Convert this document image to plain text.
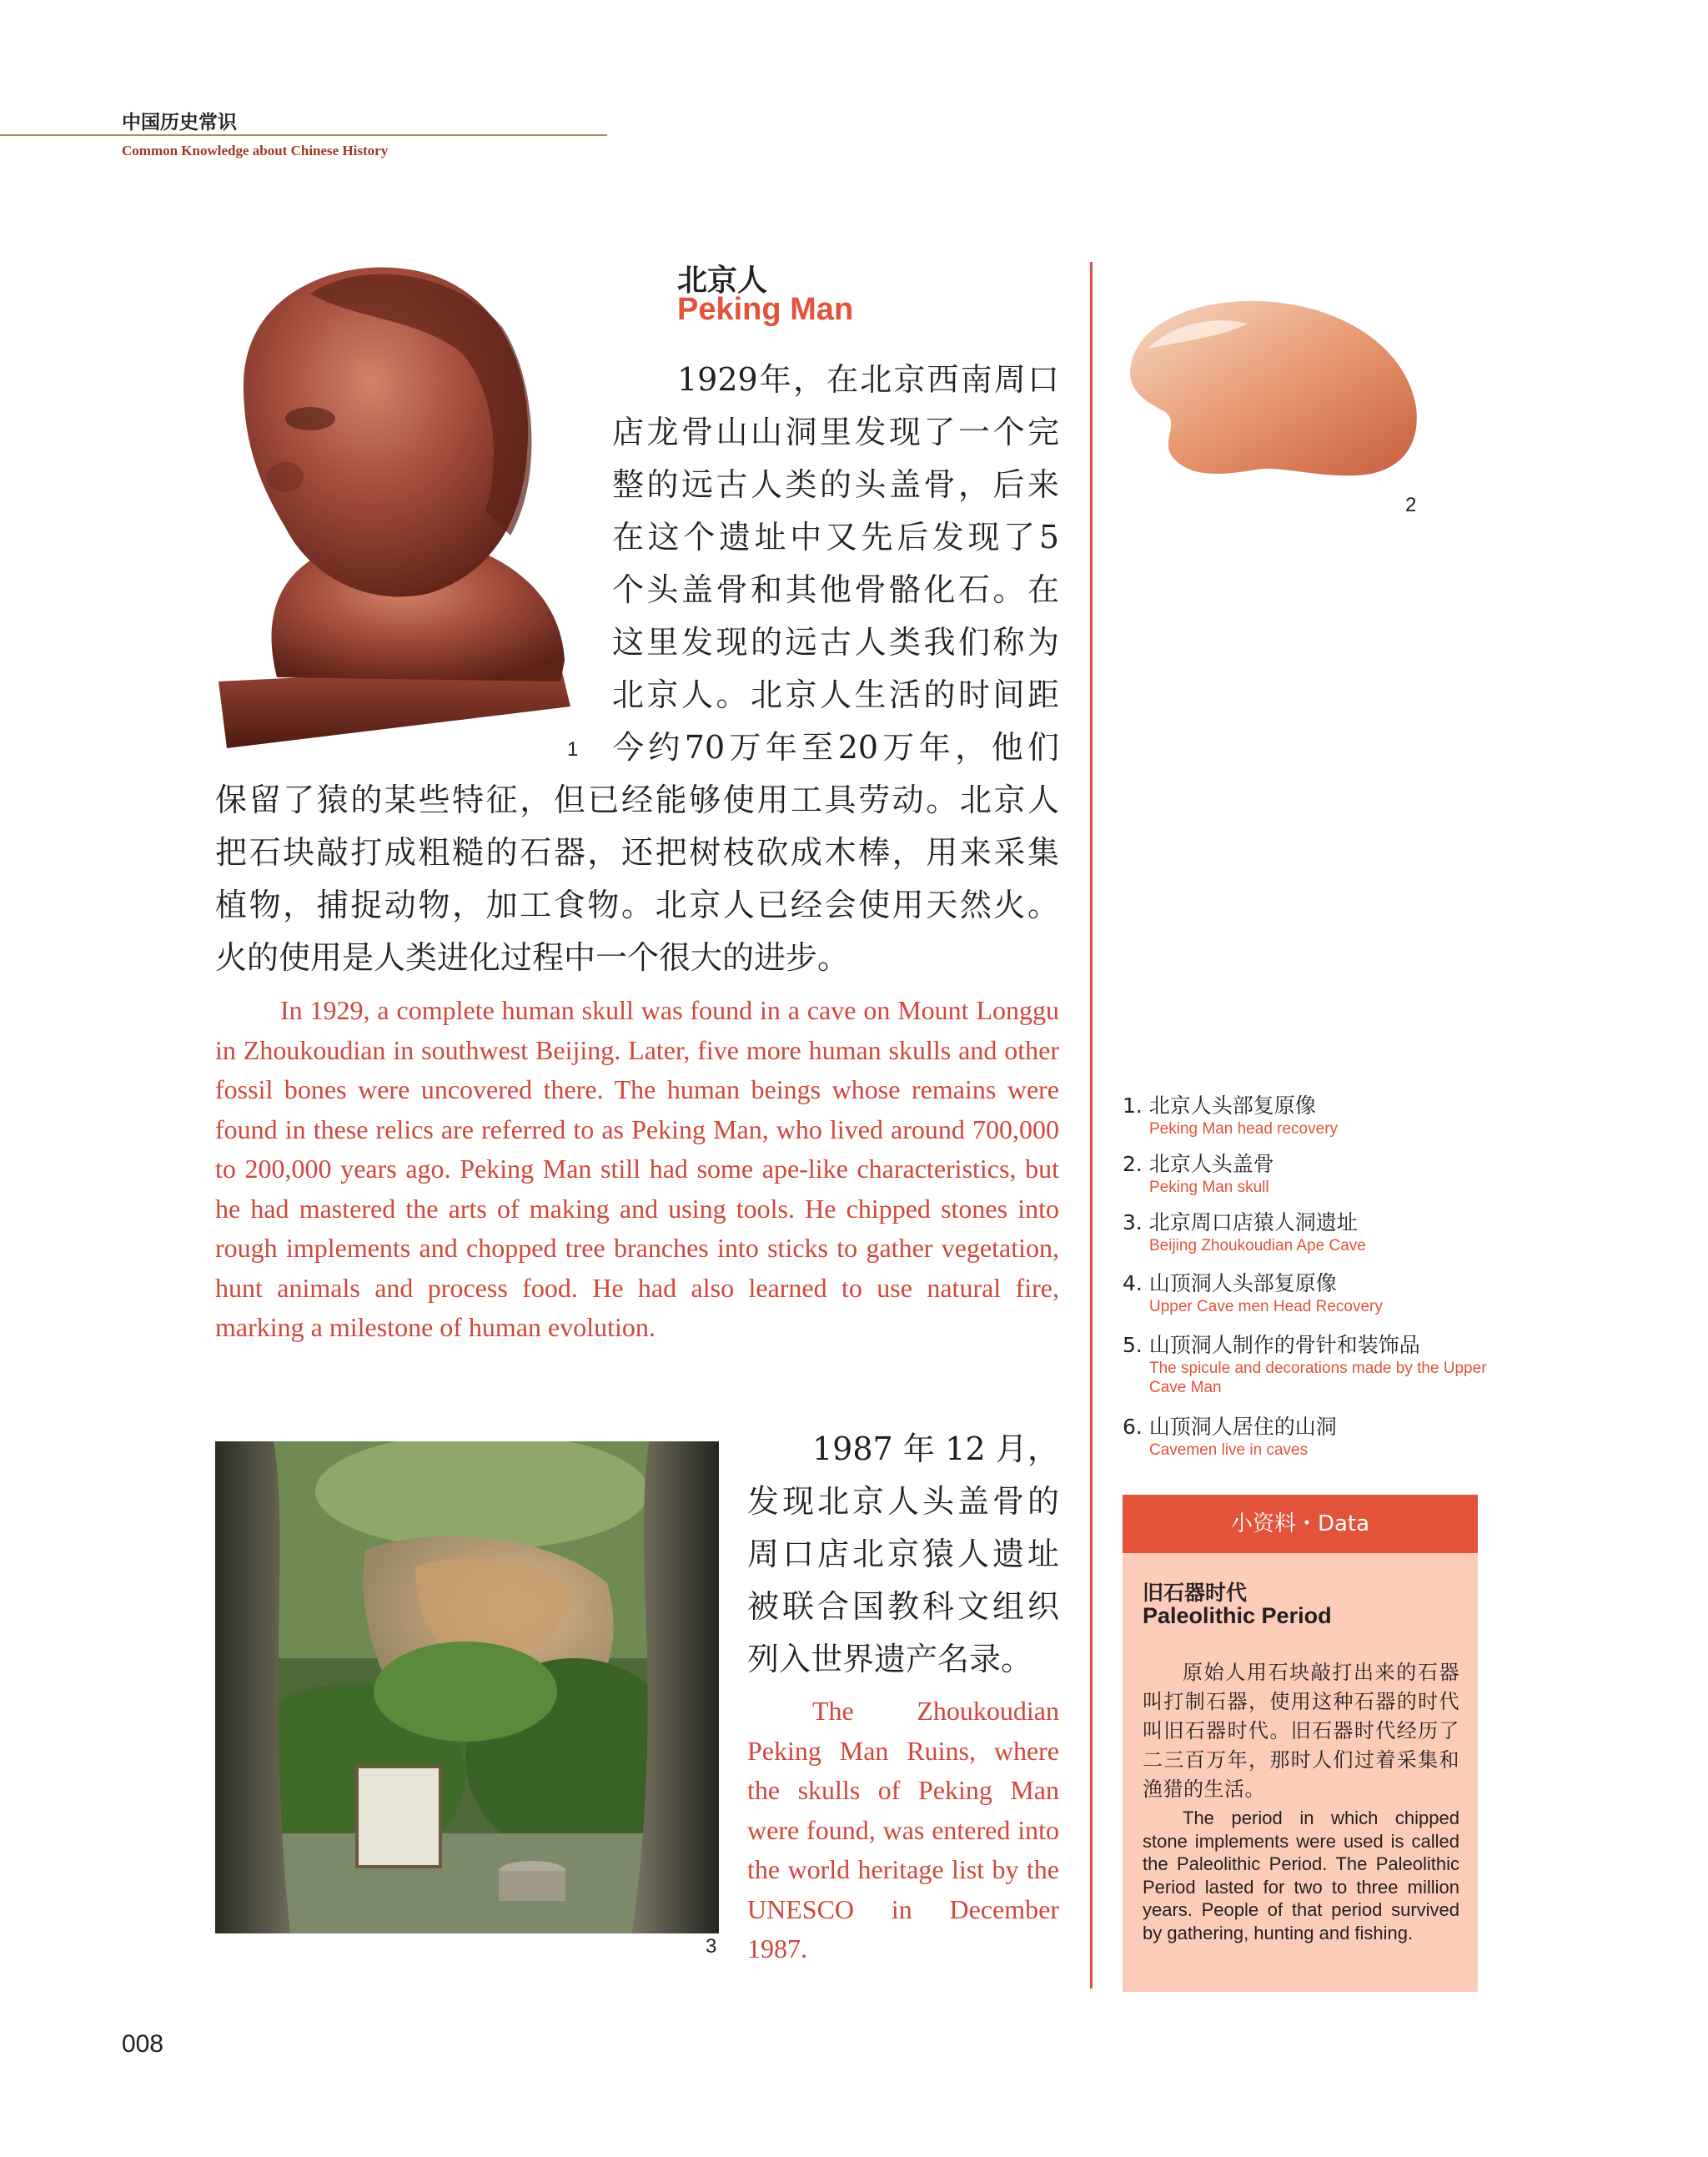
中国历史常识
Common Knowledge about Chinese History
1
北京人
Peking Man
1929年，在北京西南周口
店龙骨山山洞里发现了一个完
整的远古人类的头盖骨，后来
在这个遗址中又先后发现了5
个头盖骨和其他骨骼化石。在
这里发现的远古人类我们称为
北京人。北京人生活的时间距
今约70万年至20万年，他们
保留了猿的某些特征，但已经能够使用工具劳动。北京人
把石块敲打成粗糙的石器，还把树枝砍成木棒，用来采集
植物，捕捉动物，加工食物。北京人已经会使用天然火。
火的使用是人类进化过程中一个很大的进步。
In 1929, a complete human skull was found in a cave on Mount Longgu in Zhoukoudian in southwest Beijing. Later, five more human skulls and other fossil bones were uncovered there. The human beings whose remains were found in these relics are referred to as Peking Man, who lived around 700,000 to 200,000 years ago. Peking Man still had some ape-like characteristics, but he had mastered the arts of making and using tools. He chipped stones into rough implements and chopped tree branches into sticks to gather vegetation, hunt animals and process food. He had also learned to use natural fire, marking a milestone of human evolution.
2
1. 北京人头部复原像
Peking Man head recovery
2. 北京人头盖骨
Peking Man skull
3. 北京周口店猿人洞遗址
Beijing Zhoukoudian Ape Cave
4. 山顶洞人头部复原像
Upper Cave men Head Recovery
5. 山顶洞人制作的骨针和装饰品
The spicule and decorations made by the Upper Cave Man
6. 山顶洞人居住的山洞
Cavemen live in caves
小资料・Data
旧石器时代
Paleolithic Period
原始人用石块敲打出来的石器叫打制石器，使用这种石器的时代叫旧石器时代。旧石器时代经历了二三百万年，那时人们过着采集和渔猎的生活。
The period in which chipped stone implements were used is called the Paleolithic Period. The Paleolithic Period lasted for two to three million years. People of that period survived by gathering, hunting and fishing.
3
1987 年 12 月，
发现北京人头盖骨的
周口店北京猿人遗址
被联合国教科文组织
列入世界遗产名录。
The Zhoukoudian Peking Man Ruins, where the skulls of Peking Man were found, was entered into the world heritage list by the UNESCO in December 1987.
008
